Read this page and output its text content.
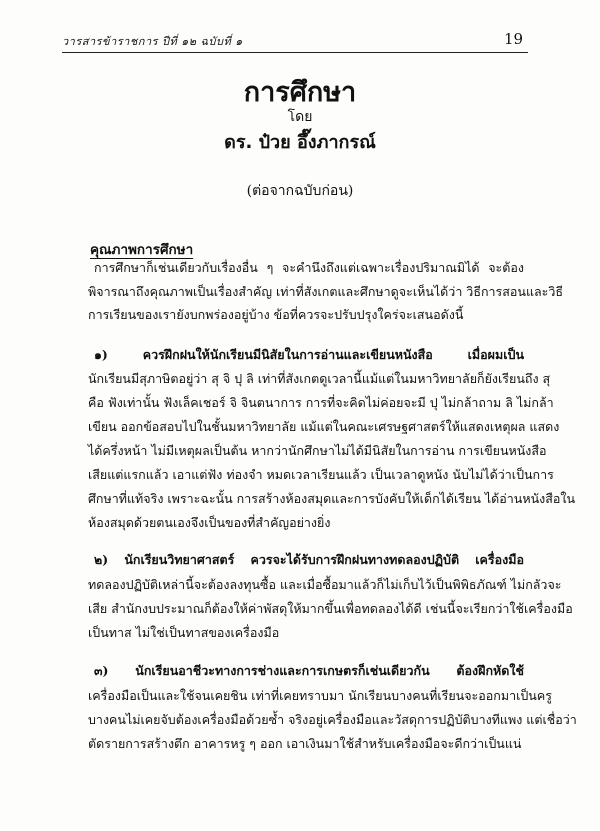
วารสารข้าราชการ ปีที่ ๑๒ ฉบับที่ ๑	19
การศึกษา
โดย
ดร. ป๋วย อึ๊งภากรณ์
(ต่อจากฉบับก่อน)
คุณภาพการศึกษา
การศึกษาก็เช่นเดียวกับเรื่องอื่น ๆ จะคำนึงถึงแต่เฉพาะเรื่องปริมาณมิได้ จะต้อง
พิจารณาถึงคุณภาพเป็นเรื่องสำคัญ เท่าที่สังเกตและศึกษาดูจะเห็นได้ว่า วิธีการสอนและวิธี
การเรียนของเรายังบกพร่องอยู่บ้าง ข้อที่ควรจะปรับปรุงใคร่จะเสนอดังนี้
๑) ควรฝึกฝนให้นักเรียนมีนิสัยในการอ่านและเขียนหนังสือ เมื่อผมเป็น
นักเรียนมีสุภาษิตอยู่ว่า สุ จิ ปุ ลิ เท่าที่สังเกตดูเวลานี้แม้แต่ในมหาวิทยาลัยก็ยังเรียนถึง สุ
คือ ฟังเท่านั้น ฟังเล็คเชอร์ จิ จินตนาการ การที่จะคิดไม่ค่อยจะมี ปุ ไม่กล้าถาม ลิ ไม่กล้า
เขียน ออกข้อสอบไปในชั้นมหาวิทยาลัย แม้แต่ในคณะเศรษฐศาสตร์ให้แสดงเหตุผล แสดง
ได้ครึ่งหน้า ไม่มีเหตุผลเป็นต้น หากว่านักศึกษาไม่ได้มีนิสัยในการอ่าน การเขียนหนังสือ
เสียแต่แรกแล้ว เอาแต่ฟัง ท่องจำ หมดเวลาเรียนแล้ว เป็นเวลาดูหนัง นับไม่ได้ว่าเป็นการ
ศึกษาที่แท้จริง เพราะฉะนั้น การสร้างห้องสมุดและการบังคับให้เด็กได้เรียน ได้อ่านหนังสือใน
ห้องสมุดด้วยตนเองจึงเป็นของที่สำคัญอย่างยิ่ง
๒) นักเรียนวิทยาศาสตร์ ควรจะได้รับการฝึกฝนทางทดลองปฏิบัติ เครื่องมือ
ทดลองปฏิบัติเหล่านี้จะต้องลงทุนซื้อ และเมื่อซื้อมาแล้วก็ไม่เก็บไว้เป็นพิพิธภัณฑ์ ไม่กลัวจะ
เสีย สำนักงบประมาณก็ต้องให้ค่าพัสดุให้มากขึ้นเพื่อทดลองได้ดี เช่นนี้จะเรียกว่าใช้เครื่องมือ
เป็นทาส ไม่ใช่เป็นทาสของเครื่องมือ
๓) นักเรียนอาชีวะทางการช่างและการเกษตรก็เช่นเดียวกัน ต้องฝึกหัดใช้
เครื่องมือเป็นและใช้จนเคยชิน เท่าที่เคยทราบมา นักเรียนบางคนที่เรียนจะออกมาเป็นครู
บางคนไม่เคยจับต้องเครื่องมือด้วยซ้ำ จริงอยู่เครื่องมือและวัสดุการปฏิบัติบางทีแพง แต่เชื่อว่า
ตัดรายการสร้างตึก อาคารหรู ๆ ออก เอาเงินมาใช้สำหรับเครื่องมือจะดีกว่าเป็นแน่
